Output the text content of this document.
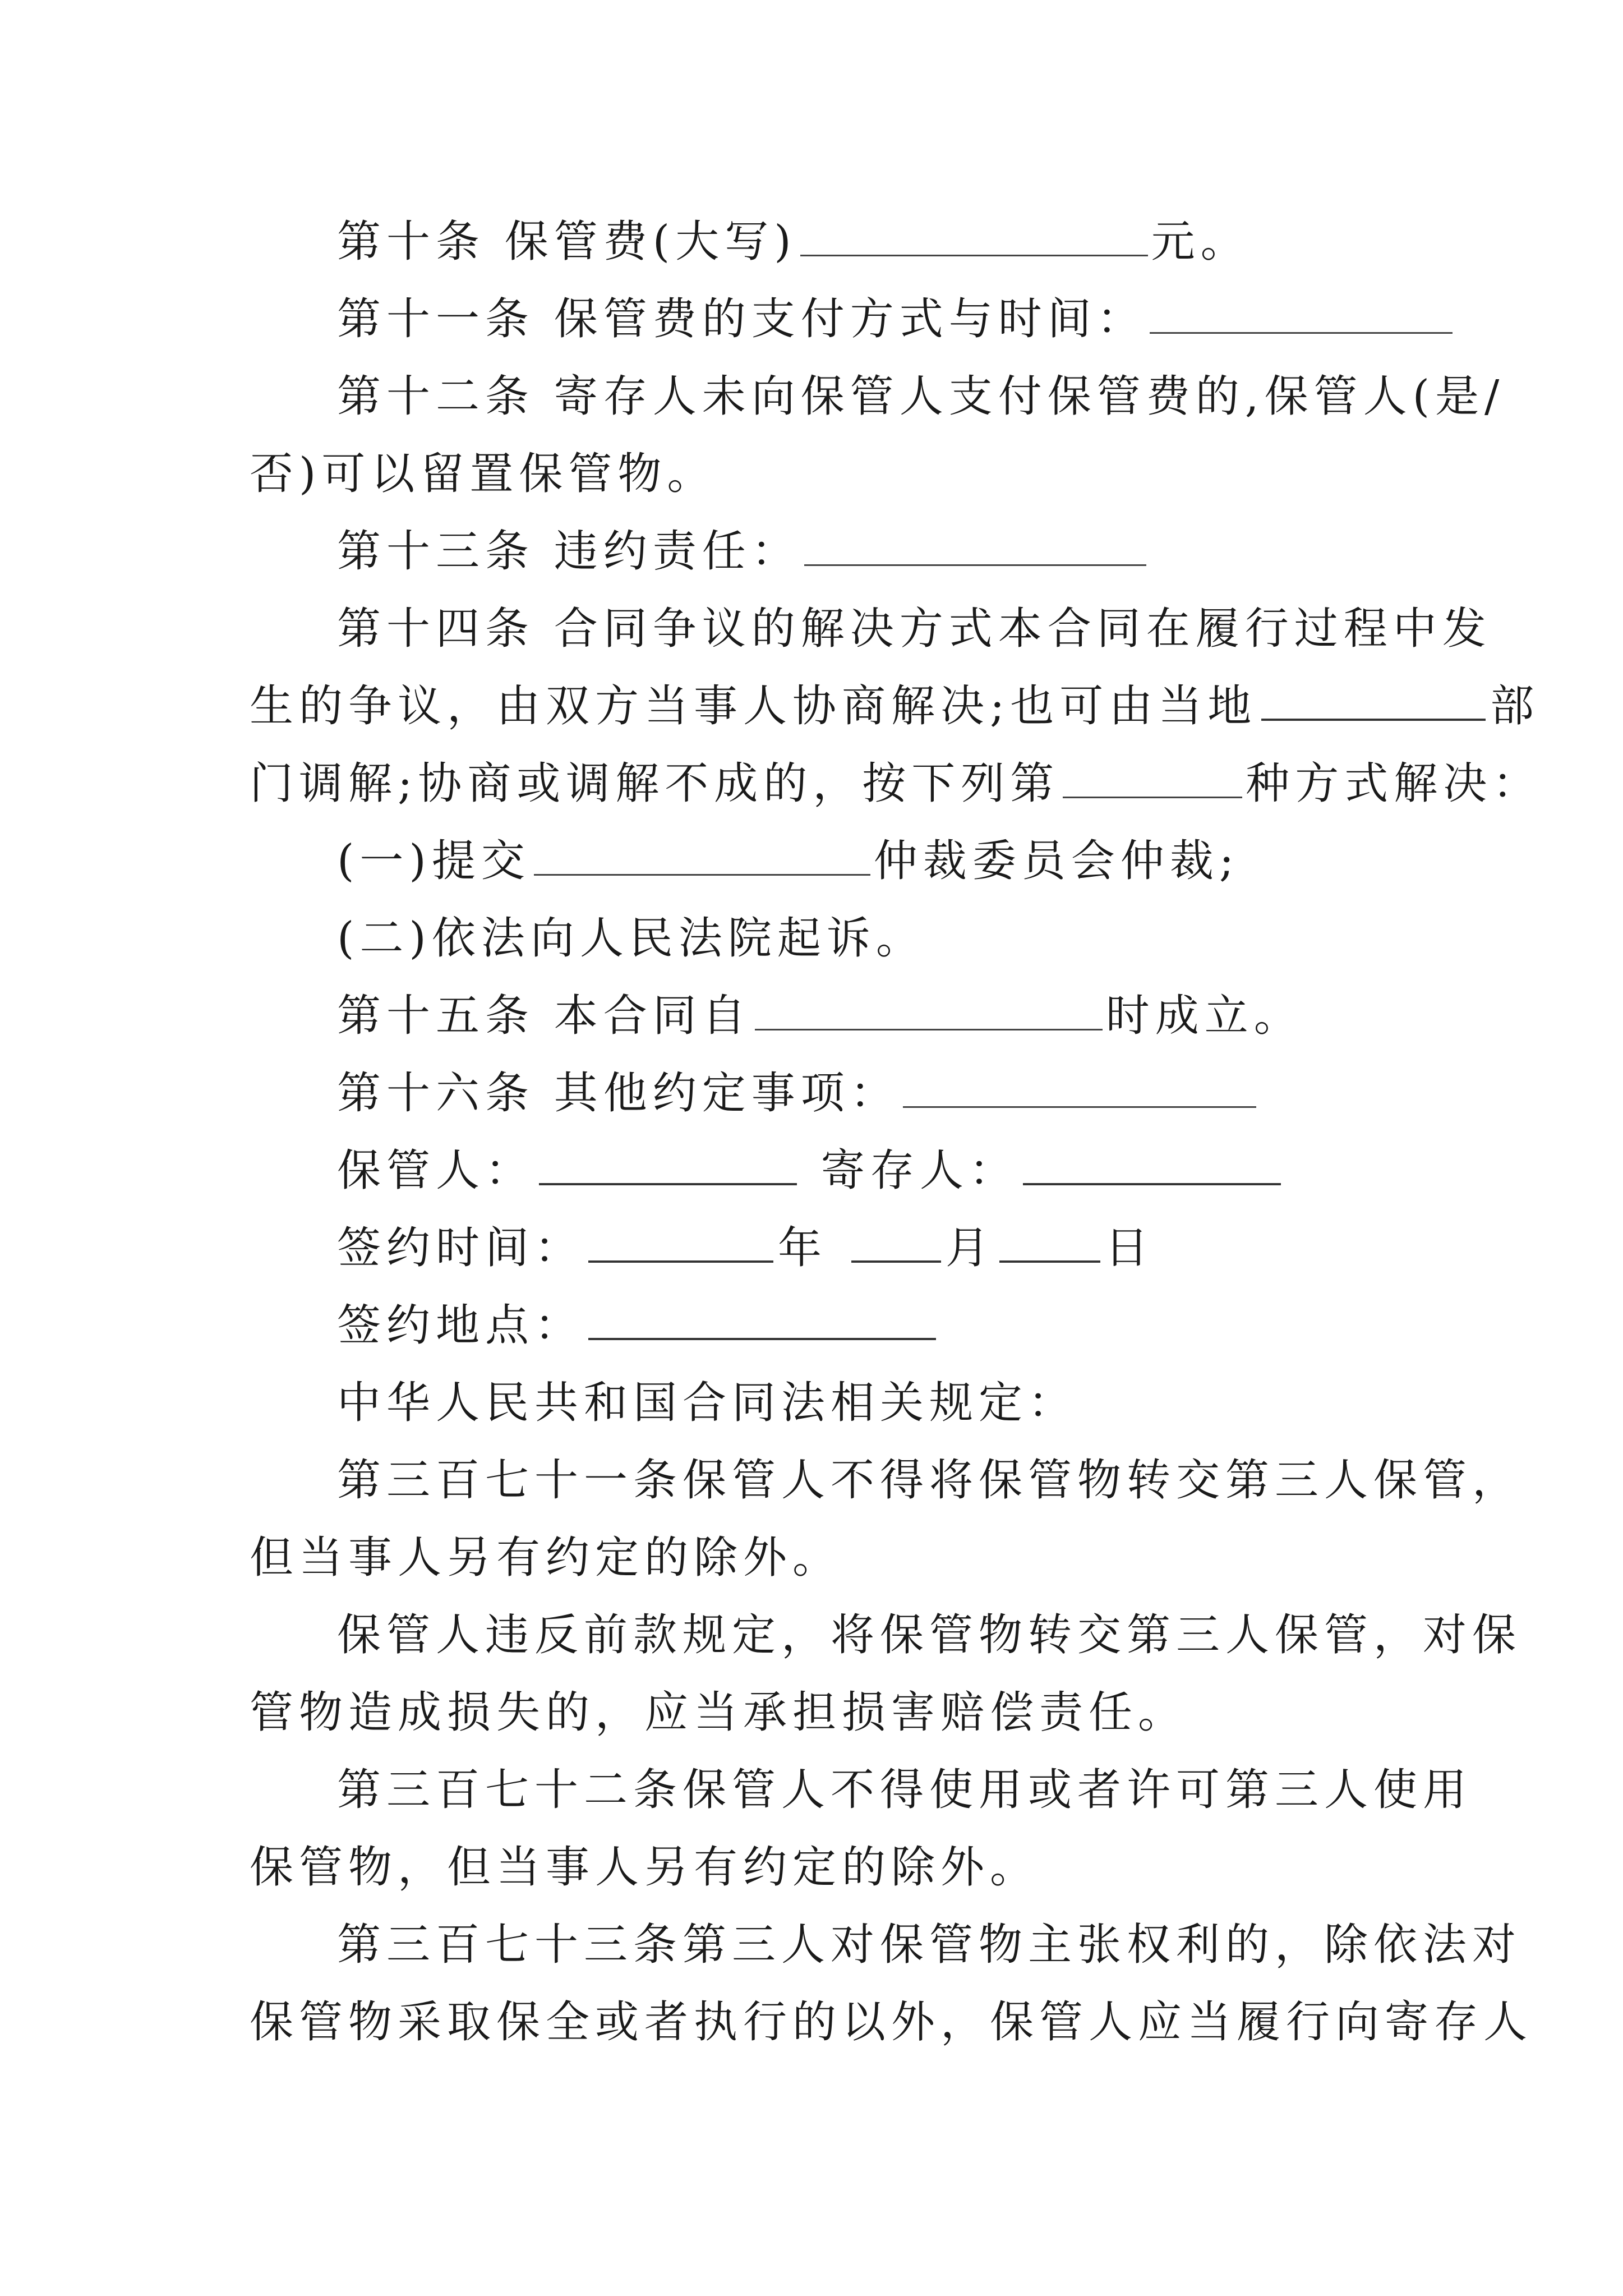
第十条 保管费(大写)	元。
第十一条 保管费的支付方式与时间：
第十二条 寄存人未向保管人支付保管费的,保管人(是/
否)可以留置保管物。
第十三条 违约责任：
第十四条 合同争议的解决方式本合同在履行过程中发
生的争议，由双方当事人协商解决;也可由当地	部
门调解;协商或调解不成的，按下列第	种方式解决：
(一)提交	仲裁委员会仲裁;
(二)依法向人民法院起诉。
第十五条 本合同自	时成立。
第十六条 其他约定事项：
保管人：	寄存人：
签约时间：	年	月	日
签约地点：
中华人民共和国合同法相关规定：
第三百七十一条保管人不得将保管物转交第三人保管，
但当事人另有约定的除外。
保管人违反前款规定，将保管物转交第三人保管，对保
管物造成损失的，应当承担损害赔偿责任。
第三百七十二条保管人不得使用或者许可第三人使用
保管物，但当事人另有约定的除外。
第三百七十三条第三人对保管物主张权利的，除依法对
保管物采取保全或者执行的以外，保管人应当履行向寄存人
